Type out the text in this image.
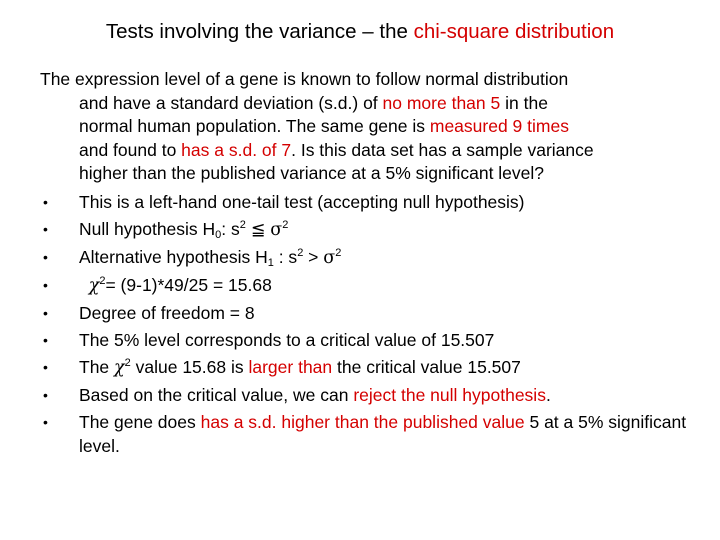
Tests involving the variance – the chi-square distribution
The expression level of a gene is known to follow normal distribution
and have a standard deviation (s.d.) of no more than 5 in the
normal human population. The same gene is measured 9 times
and found to has a s.d. of 7. Is this data set has a sample variance
higher than the published variance at a 5% significant level?
• This is a left-hand one-tail test (accepting null hypothesis)
• Null hypothesis $H_0$: $s^2$ ≦ $\sigma^2$
• Alternative hypothesis $H_1$ : $s^2 > \sigma^2$
• $\chi^2= (9-1)*49/25 = 15.68$
• Degree of freedom = 8
• The 5% level corresponds to a critical value of 15.507
• The $\chi^2$ value 15.68 is larger than the critical value 15.507
• Based on the critical value, we can reject the null hypothesis.
• The gene does has a s.d. higher than the published value 5 at a 5% significant level.
